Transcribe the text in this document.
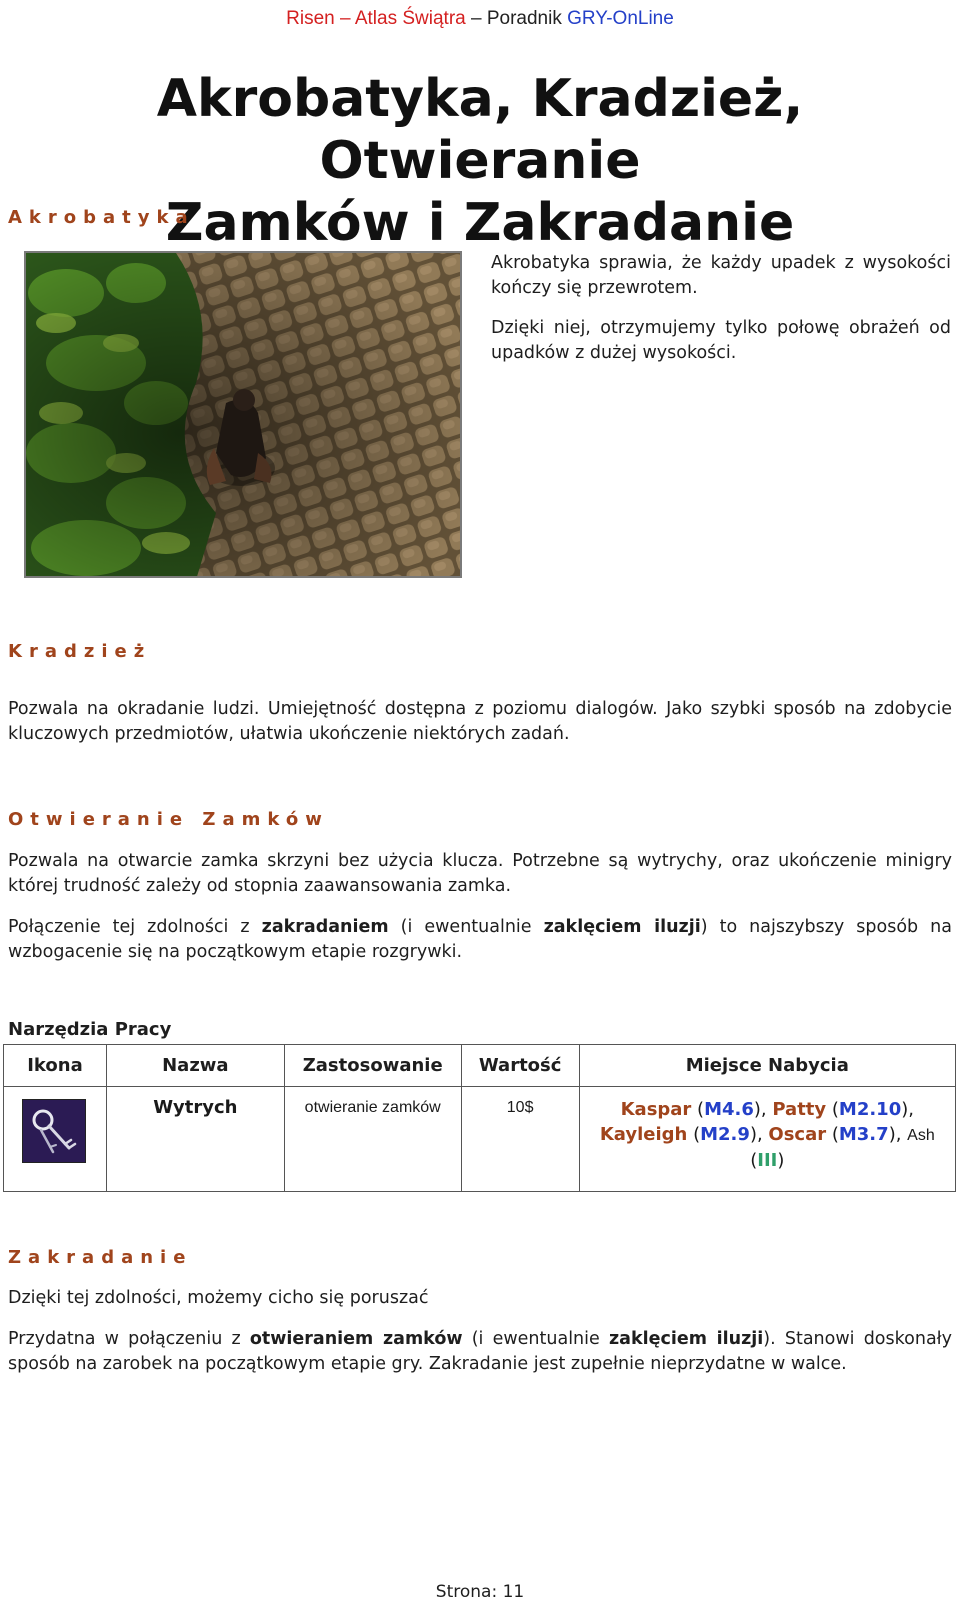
Risen – Atlas Świątra – Poradnik GRY-OnLine
Akrobatyka, Kradzież, Otwieranie
Zamków i Zakradanie
Akrobatyka

Akrobatyka sprawia, że każdy upadek z wysokości kończy się przewrotem.

Dzięki niej, otrzymujemy tylko połowę obrażeń od upadków z dużej wysokości.

Kradzież

Pozwala na okradanie ludzi. Umiejętność dostępna z poziomu dialogów. Jako szybki sposób na zdobycie kluczowych przedmiotów, ułatwia ukończenie niektórych zadań.

Otwieranie Zamków

Pozwala na otwarcie zamka skrzyni bez użycia klucza. Potrzebne są wytrychy, oraz ukończenie minigry której trudność zależy od stopnia zaawansowania zamka.

Połączenie tej zdolności z zakradaniem (i ewentualnie zaklęciem iluzji) to najszybszy sposób na wzbogacenie się na początkowym etapie rozgrywki.

Narzędzia Pracy
Ikona	Nazwa	Zastosowanie	Wartość	Miejsce Nabycia

	Wytrych	otwieranie zamków	10$	Kaspar (M4.6), Patty (M2.10),
Kayleigh (M2.9), Oscar (M3.7), Ash
(III)
Zakradanie

Dzięki tej zdolności, możemy cicho się poruszać

Przydatna w połączeniu z otwieraniem zamków (i ewentualnie zaklęciem iluzji). Stanowi doskonały sposób na zarobek na początkowym etapie gry. Zakradanie jest zupełnie nieprzydatne w walce.

Strona: 11
